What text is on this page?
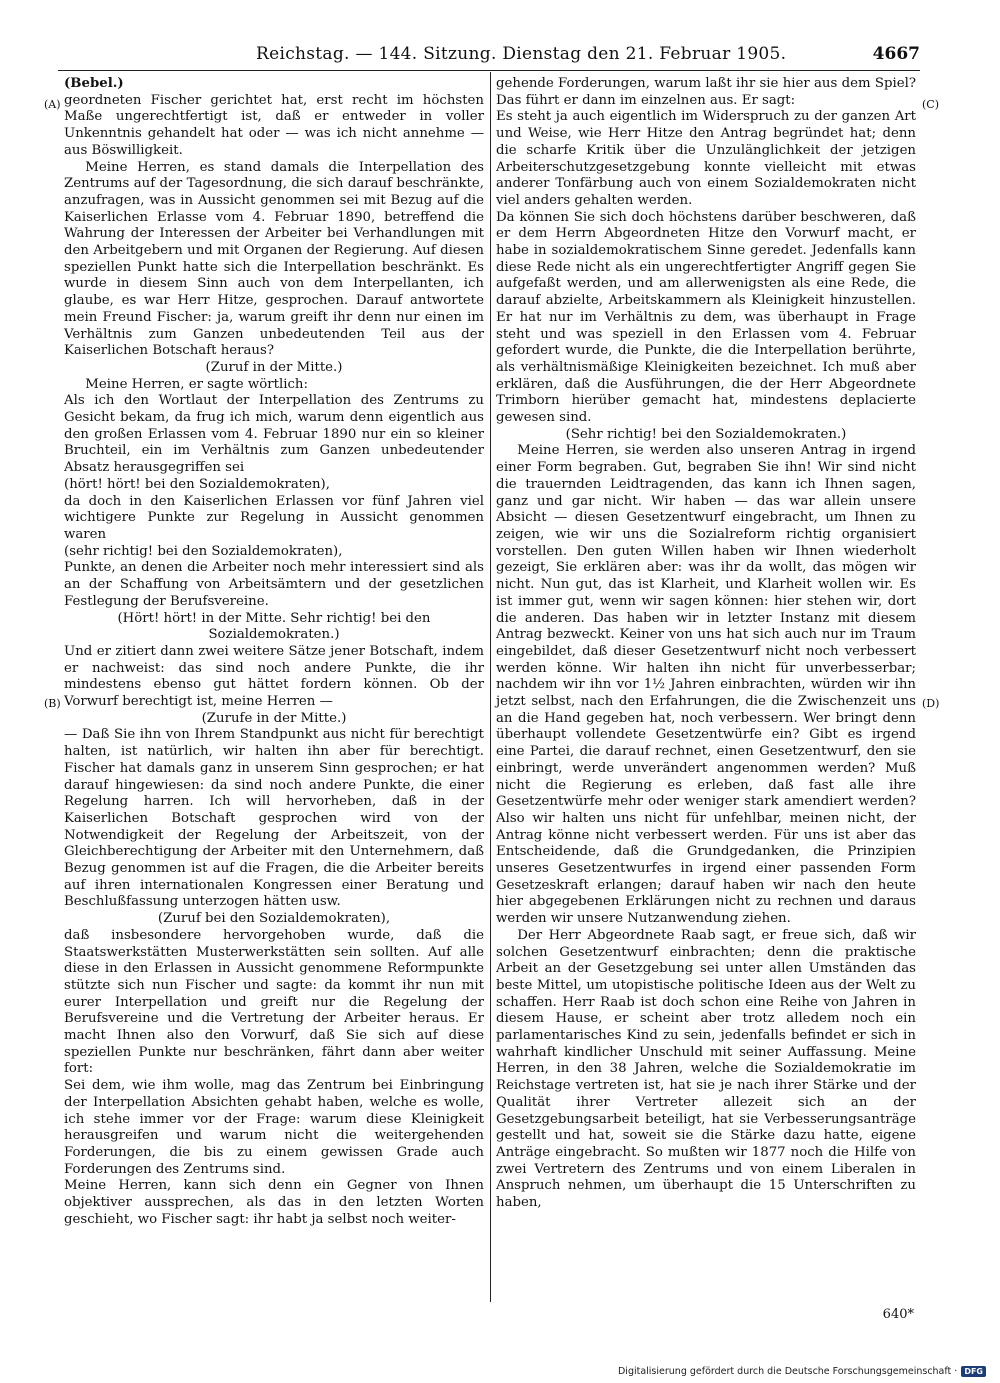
Reichstag. — 144. Sitzung. Dienstag den 21. Februar 1905.	4667
(A)
(B)
(C)
(D)

(Bebel.)

geordneten Fischer gerichtet hat, erst recht im höchsten Maße ungerechtfertigt ist, daß er entweder in voller Unkenntnis gehandelt hat oder — was ich nicht annehme — aus Böswilligkeit.

Meine Herren, es stand damals die Interpellation des Zentrums auf der Tagesordnung, die sich darauf beschränkte, anzufragen, was in Aussicht genommen sei mit Bezug auf die Kaiserlichen Erlasse vom 4. Februar 1890, betreffend die Wahrung der Interessen der Arbeiter bei Verhandlungen mit den Arbeitgebern und mit Organen der Regierung. Auf diesen speziellen Punkt hatte sich die Interpellation beschränkt. Es wurde in diesem Sinn auch von dem Interpellanten, ich glaube, es war Herr Hitze, gesprochen. Darauf antwortete mein Freund Fischer: ja, warum greift ihr denn nur einen im Verhältnis zum Ganzen unbedeutenden Teil aus der Kaiserlichen Botschaft heraus?

(Zuruf in der Mitte.)

Meine Herren, er sagte wörtlich:

Als ich den Wortlaut der Interpellation des Zentrums zu Gesicht bekam, da frug ich mich, warum denn eigentlich aus den großen Erlassen vom 4. Februar 1890 nur ein so kleiner Bruchteil, ein im Verhältnis zum Ganzen unbedeutender Absatz herausgegriffen sei

(hört! hört! bei den Sozialdemokraten),

da doch in den Kaiserlichen Erlassen vor fünf Jahren viel wichtigere Punkte zur Regelung in Aussicht genommen waren

(sehr richtig! bei den Sozialdemokraten),

Punkte, an denen die Arbeiter noch mehr interessiert sind als an der Schaffung von Arbeitsämtern und der gesetzlichen Festlegung der Berufsvereine.

(Hört! hört! in der Mitte. Sehr richtig! bei den Sozialdemokraten.)

Und er zitiert dann zwei weitere Sätze jener Botschaft, indem er nachweist: das sind noch andere Punkte, die ihr mindestens ebenso gut hättet fordern können. Ob der Vorwurf berechtigt ist, meine Herren —

(Zurufe in der Mitte.)

— Daß Sie ihn von Ihrem Standpunkt aus nicht für berechtigt halten, ist natürlich, wir halten ihn aber für berechtigt. Fischer hat damals ganz in unserem Sinn gesprochen; er hat darauf hingewiesen: da sind noch andere Punkte, die einer Regelung harren. Ich will hervorheben, daß in der Kaiserlichen Botschaft gesprochen wird von der Notwendigkeit der Regelung der Arbeitszeit, von der Gleichberechtigung der Arbeiter mit den Unternehmern, daß Bezug genommen ist auf die Fragen, die die Arbeiter bereits auf ihren internationalen Kongressen einer Beratung und Beschlußfassung unterzogen hätten usw.

(Zuruf bei den Sozialdemokraten),

daß insbesondere hervorgehoben wurde, daß die Staatswerkstätten Musterwerkstätten sein sollten. Auf alle diese in den Erlassen in Aussicht genommene Reformpunkte stützte sich nun Fischer und sagte: da kommt ihr nun mit eurer Interpellation und greift nur die Regelung der Berufsvereine und die Vertretung der Arbeiter heraus. Er macht Ihnen also den Vorwurf, daß Sie sich auf diese speziellen Punkte nur beschränken, fährt dann aber weiter fort:

Sei dem, wie ihm wolle, mag das Zentrum bei Einbringung der Interpellation Absichten gehabt haben, welche es wolle, ich stehe immer vor der Frage: warum diese Kleinigkeit herausgreifen und warum nicht die weitergehenden Forderungen, die bis zu einem gewissen Grade auch Forderungen des Zentrums sind.

Meine Herren, kann sich denn ein Gegner von Ihnen objektiver aussprechen, als das in den letzten Worten geschieht, wo Fischer sagt: ihr habt ja selbst noch weiter-

gehende Forderungen, warum laßt ihr sie hier aus dem Spiel? Das führt er dann im einzelnen aus. Er sagt:

Es steht ja auch eigentlich im Widerspruch zu der ganzen Art und Weise, wie Herr Hitze den Antrag begründet hat; denn die scharfe Kritik über die Unzulänglichkeit der jetzigen Arbeiterschutzgesetzgebung konnte vielleicht mit etwas anderer Tonfärbung auch von einem Sozialdemokraten nicht viel anders gehalten werden.

Da können Sie sich doch höchstens darüber beschweren, daß er dem Herrn Abgeordneten Hitze den Vorwurf macht, er habe in sozialdemokratischem Sinne geredet. Jedenfalls kann diese Rede nicht als ein ungerechtfertigter Angriff gegen Sie aufgefaßt werden, und am allerwenigsten als eine Rede, die darauf abzielte, Arbeitskammern als Kleinigkeit hinzustellen. Er hat nur im Verhältnis zu dem, was überhaupt in Frage steht und was speziell in den Erlassen vom 4. Februar gefordert wurde, die Punkte, die die Interpellation berührte, als verhältnismäßige Kleinigkeiten bezeichnet. Ich muß aber erklären, daß die Ausführungen, die der Herr Abgeordnete Trimborn hierüber gemacht hat, mindestens deplacierte gewesen sind.

(Sehr richtig! bei den Sozialdemokraten.)

Meine Herren, sie werden also unseren Antrag in irgend einer Form begraben. Gut, begraben Sie ihn! Wir sind nicht die trauernden Leidtragenden, das kann ich Ihnen sagen, ganz und gar nicht. Wir haben — das war allein unsere Absicht — diesen Gesetzentwurf eingebracht, um Ihnen zu zeigen, wie wir uns die Sozialreform richtig organisiert vorstellen. Den guten Willen haben wir Ihnen wiederholt gezeigt, Sie erklären aber: was ihr da wollt, das mögen wir nicht. Nun gut, das ist Klarheit, und Klarheit wollen wir. Es ist immer gut, wenn wir sagen können: hier stehen wir, dort die anderen. Das haben wir in letzter Instanz mit diesem Antrag bezweckt. Keiner von uns hat sich auch nur im Traum eingebildet, daß dieser Gesetzentwurf nicht noch verbessert werden könne. Wir halten ihn nicht für unverbesserbar; nachdem wir ihn vor 1½ Jahren einbrachten, würden wir ihn jetzt selbst, nach den Erfahrungen, die die Zwischenzeit uns an die Hand gegeben hat, noch verbessern. Wer bringt denn überhaupt vollendete Gesetzentwürfe ein? Gibt es irgend eine Partei, die darauf rechnet, einen Gesetzentwurf, den sie einbringt, werde unverändert angenommen werden? Muß nicht die Regierung es erleben, daß fast alle ihre Gesetzentwürfe mehr oder weniger stark amendiert werden? Also wir halten uns nicht für unfehlbar, meinen nicht, der Antrag könne nicht verbessert werden. Für uns ist aber das Entscheidende, daß die Grundgedanken, die Prinzipien unseres Gesetzentwurfes in irgend einer passenden Form Gesetzeskraft erlangen; darauf haben wir nach den heute hier abgegebenen Erklärungen nicht zu rechnen und daraus werden wir unsere Nutzanwendung ziehen.

Der Herr Abgeordnete Raab sagt, er freue sich, daß wir solchen Gesetzentwurf einbrachten; denn die praktische Arbeit an der Gesetzgebung sei unter allen Umständen das beste Mittel, um utopistische politische Ideen aus der Welt zu schaffen. Herr Raab ist doch schon eine Reihe von Jahren in diesem Hause, er scheint aber trotz alledem noch ein parlamentarisches Kind zu sein, jedenfalls befindet er sich in wahrhaft kindlicher Unschuld mit seiner Auffassung. Meine Herren, in den 38 Jahren, welche die Sozialdemokratie im Reichstage vertreten ist, hat sie je nach ihrer Stärke und der Qualität ihrer Vertreter allezeit sich an der Gesetzgebungsarbeit beteiligt, hat sie Verbesserungsanträge gestellt und hat, soweit sie die Stärke dazu hatte, eigene Anträge eingebracht. So mußten wir 1877 noch die Hilfe von zwei Vertretern des Zentrums und von einem Liberalen in Anspruch nehmen, um überhaupt die 15 Unterschriften zu haben,

640*
Digitalisierung gefördert durch die Deutsche Forschungsgemeinschaft · DFG
